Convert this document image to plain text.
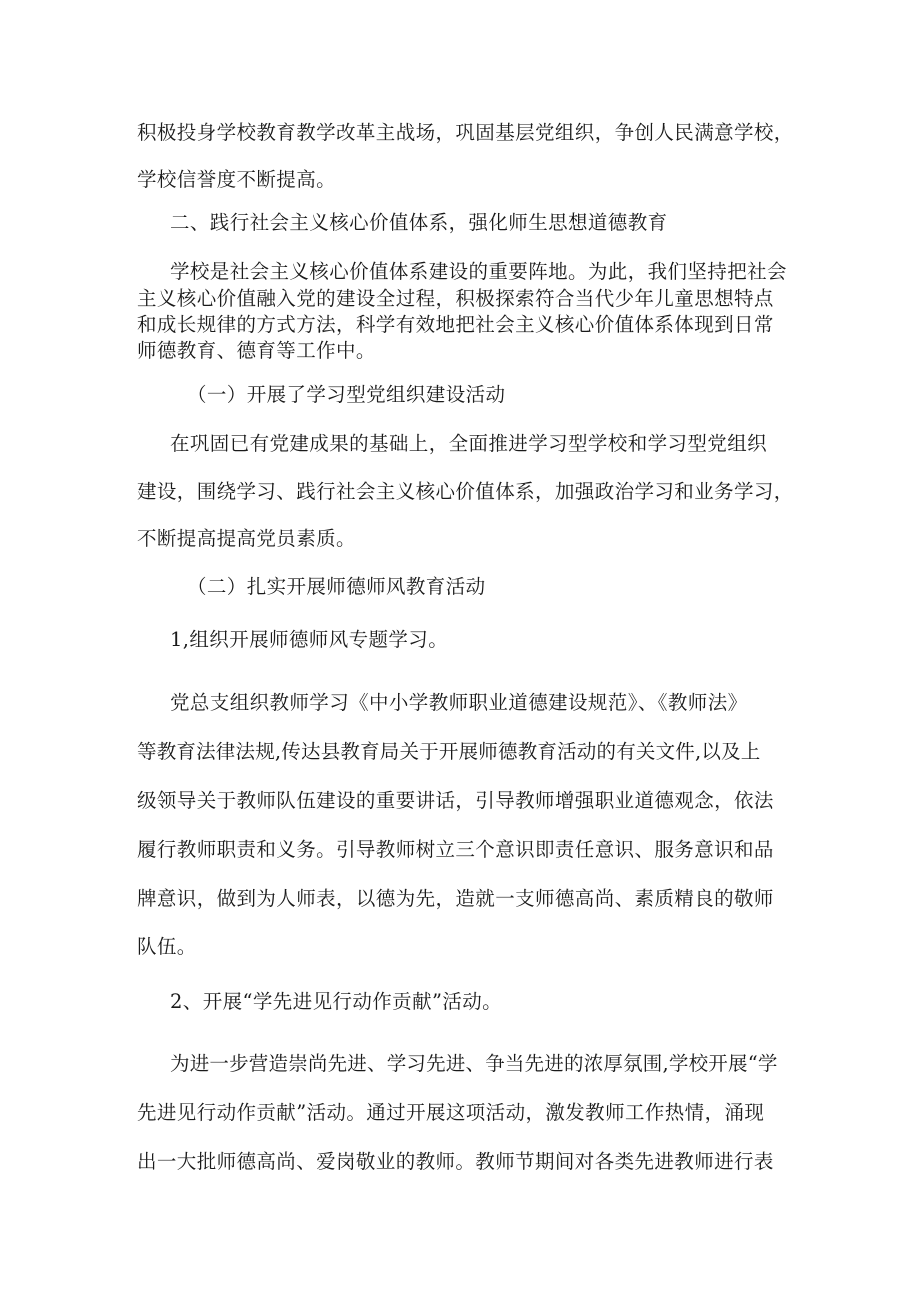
积极投身学校教育教学改革主战场，巩固基层党组织，争创人民满意学校，
学校信誉度不断提高。
二、践行社会主义核心价值体系，强化师生思想道德教育
学校是社会主义核心价值体系建设的重要阵地。为此，我们坚持把社会
主义核心价值融入党的建设全过程，积极探索符合当代少年儿童思想特点
和成长规律的方式方法，科学有效地把社会主义核心价值体系体现到日常
师德教育、德育等工作中。
（一）开展了学习型党组织建设活动
在巩固已有党建成果的基础上，全面推进学习型学校和学习型党组织
建设，围绕学习、践行社会主义核心价值体系，加强政治学习和业务学习，
不断提高提高党员素质。
（二）扎实开展师德师风教育活动
1,组织开展师德师风专题学习。
党总支组织教师学习《中小学教师职业道德建设规范》、《教师法》
等教育法律法规,传达县教育局关于开展师德教育活动的有关文件,以及上
级领导关于教师队伍建设的重要讲话，引导教师增强职业道德观念，依法
履行教师职责和义务。引导教师树立三个意识即责任意识、服务意识和品
牌意识，做到为人师表，以德为先，造就一支师德高尚、素质精良的敬师
队伍。
2、开展“学先进见行动作贡献”活动。
为进一步营造崇尚先进、学习先进、争当先进的浓厚氛围,学校开展“学
先进见行动作贡献”活动。通过开展这项活动，激发教师工作热情，涌现
出一大批师德高尚、爱岗敬业的教师。教师节期间对各类先进教师进行表
